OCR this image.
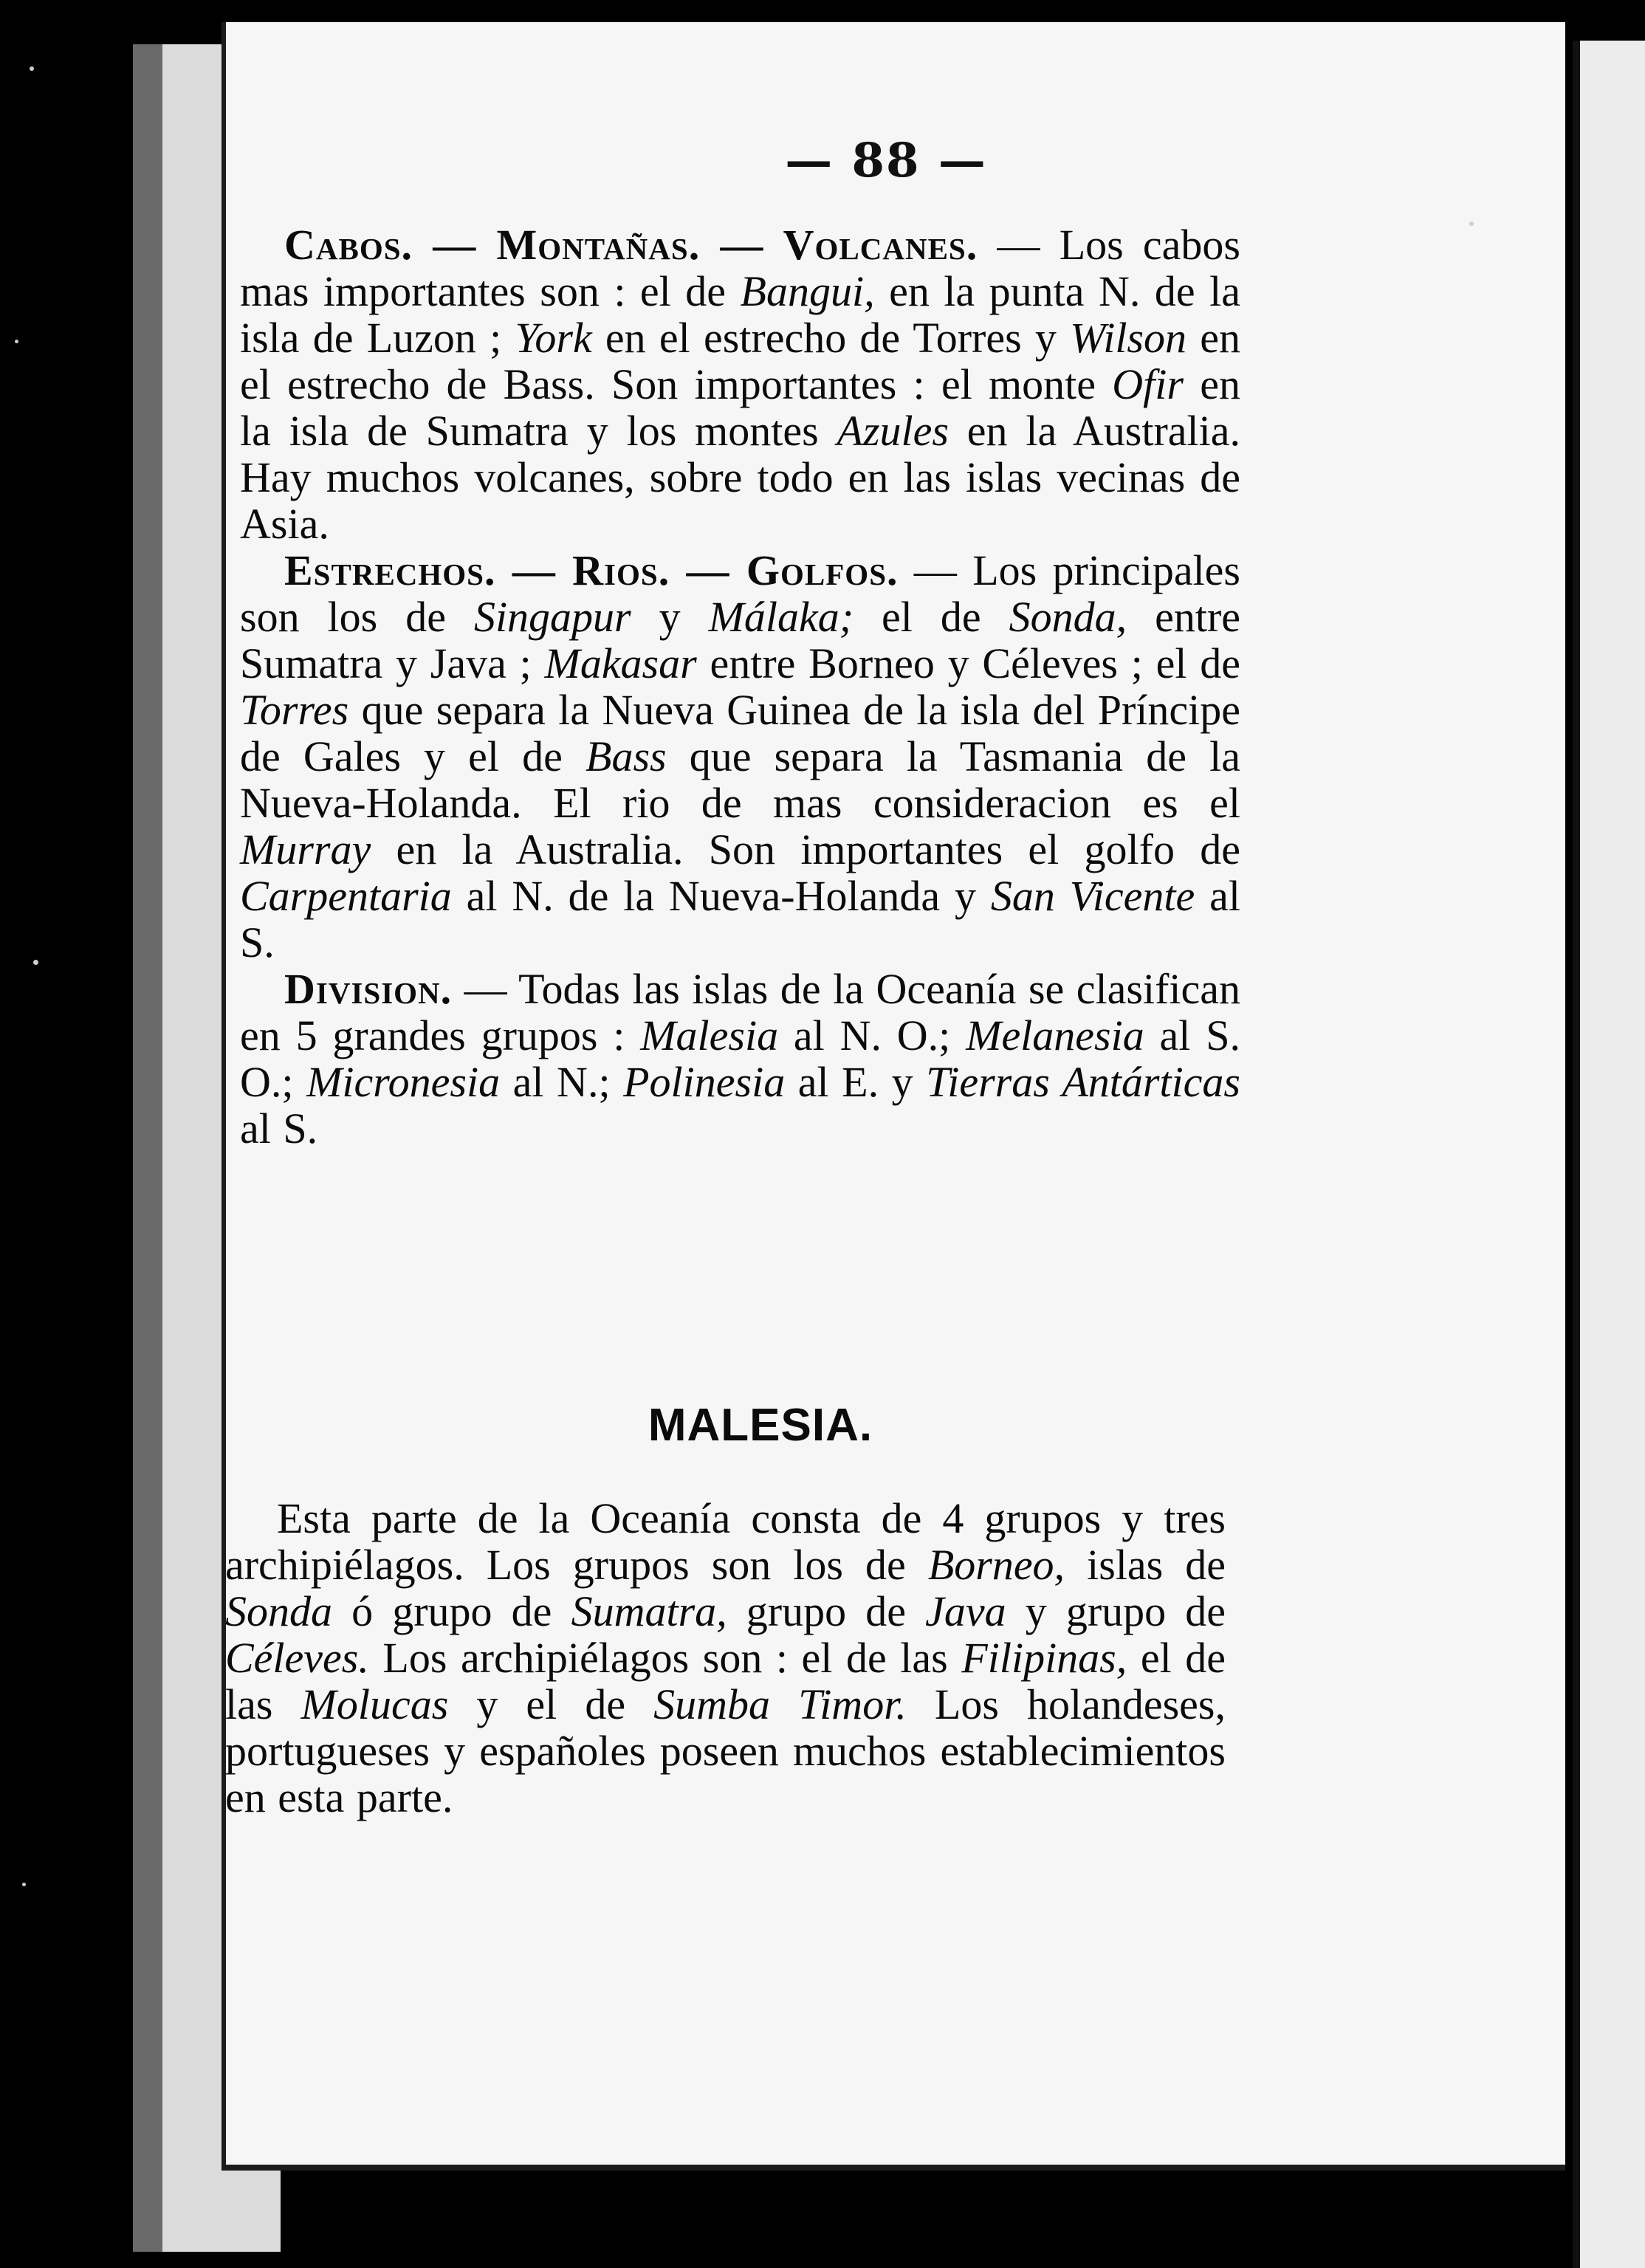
— 88 —

Cabos. — Montañas. — Volcanes. — Los cabos mas importantes son : el de Bangui, en la punta N. de la isla de Luzon ; York en el estrecho de Torres y Wilson en el estrecho de Bass. Son importantes : el monte Ofir en la isla de Sumatra y los montes Azules en la Australia. Hay muchos volcanes, sobre todo en las islas vecinas de Asia.

Estrechos. — Rios. — Golfos. — Los principales son los de Singapur y Málaka; el de Sonda, entre Sumatra y Java ; Makasar entre Borneo y Céleves ; el de Torres que separa la Nueva Guinea de la isla del Príncipe de Gales y el de Bass que separa la Tasmania de la Nueva-Holanda. El rio de mas consideracion es el Murray en la Australia. Son importantes el golfo de Carpentaria al N. de la Nueva-Holanda y San Vicente al S.

Division. — Todas las islas de la Oceanía se clasifican en 5 grandes grupos : Malesia al N. O.; Melanesia al S. O.; Micronesia al N.; Polinesia al E. y Tierras Antárticas al S.

MALESIA.

Esta parte de la Oceanía consta de 4 grupos y tres archipiélagos. Los grupos son los de Borneo, islas de Sonda ó grupo de Sumatra, grupo de Java y grupo de Céleves. Los archipiélagos son : el de las Filipinas, el de las Molucas y el de Sumba Timor. Los holandeses, portugueses y españoles poseen muchos establecimientos en esta parte.
